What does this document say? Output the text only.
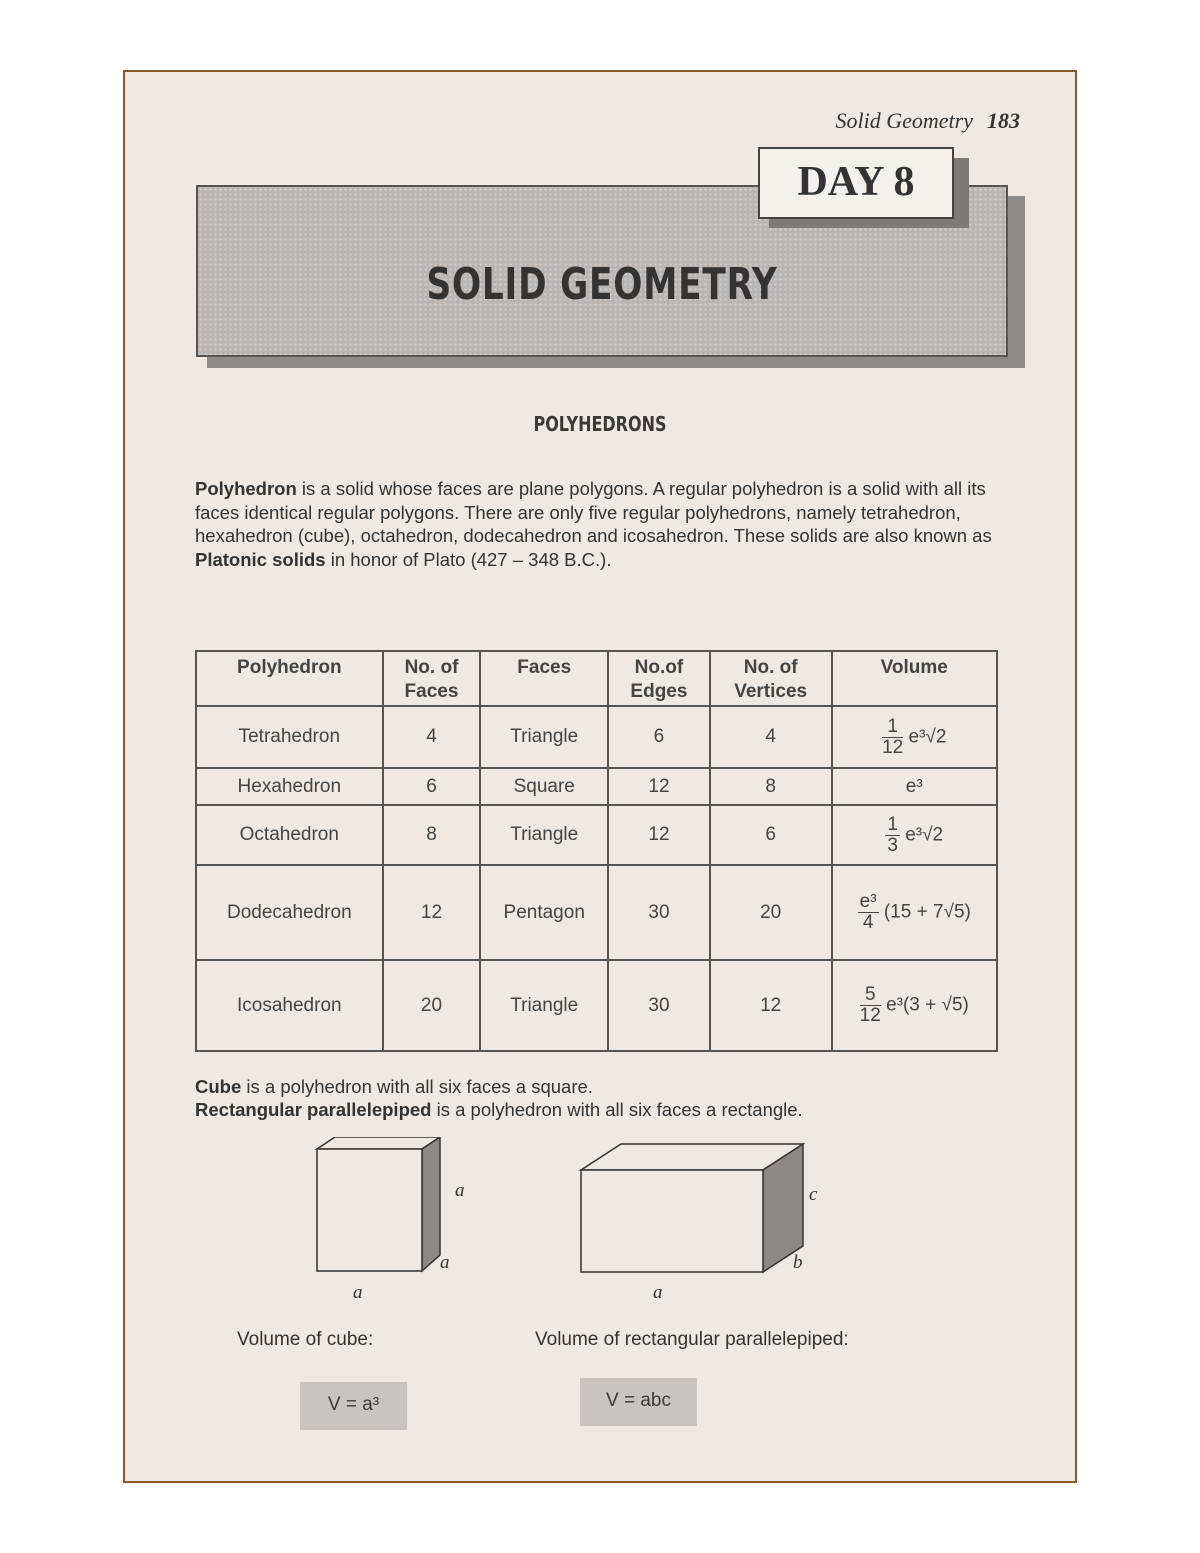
Solid Geometry 183
SOLID GEOMETRY
DAY 8
POLYHEDRONS
Polyhedron is a solid whose faces are plane polygons. A regular polyhedron is a solid with all its faces identical regular polygons. There are only five regular polyhedrons, namely tetrahedron, hexahedron (cube), octahedron, dodecahedron and icosahedron. These solids are also known as Platonic solids in honor of Plato (427 – 348 B.C.).
Polyhedron	No. of Faces	Faces	No.of Edges	No. of Vertices	Volume
Tetrahedron	4	Triangle	6	4	$\frac{1}{12} e^3√2$
Hexahedron	6	Square	12	8	e³
Octahedron	8	Triangle	12	6	$\frac{1}{3} e^3√2$
Dodecahedron	12	Pentagon	30	20	$\frac{\text{e³}}{4} (15 + 7√5)$
Icosahedron	20	Triangle	30	12	$\frac{5}{12} e^3(3 + √5)$
Cube is a polyhedron with all six faces a square.
Rectangular parallelepiped is a polyhedron with all six faces a rectangle.
a
a
a
c
b
a
Volume of cube:	Volume of rectangular parallelepiped:
V = a³	V = abc
